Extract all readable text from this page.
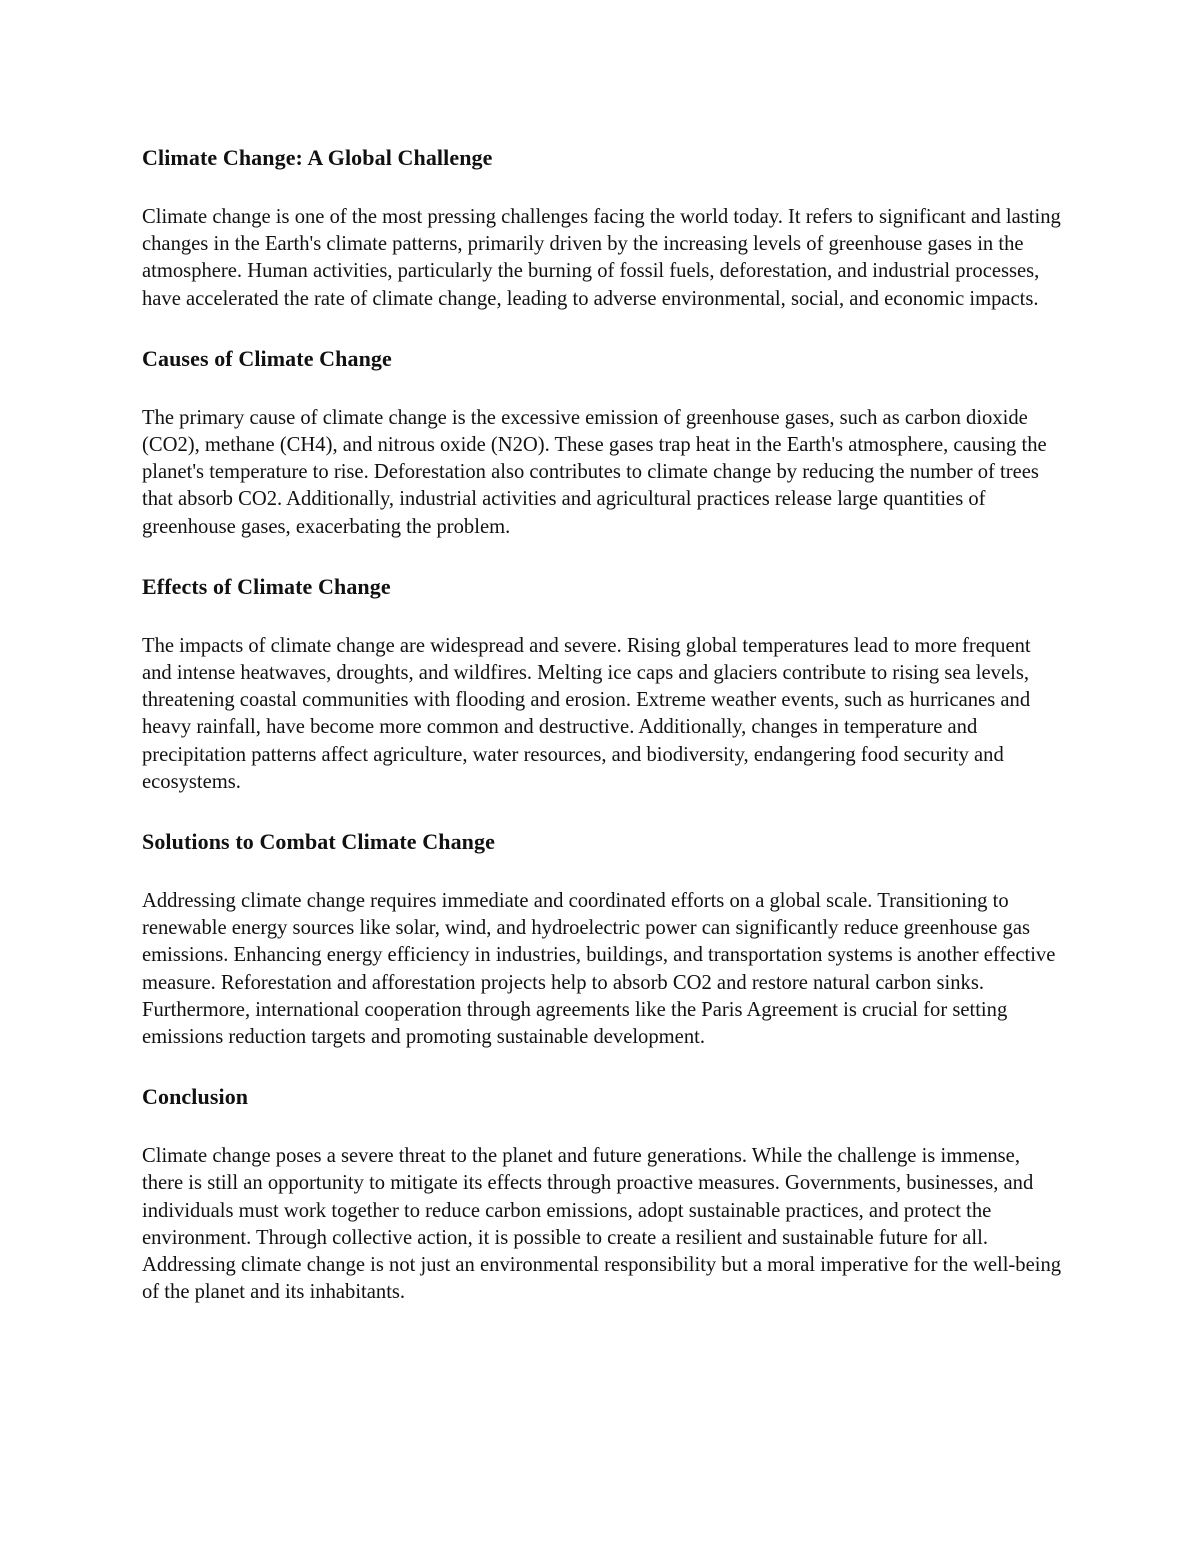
Climate Change: A Global Challenge

Climate change is one of the most pressing challenges facing the world today. It refers to significant and lasting changes in the Earth's climate patterns, primarily driven by the increasing levels of greenhouse gases in the atmosphere. Human activities, particularly the burning of fossil fuels, deforestation, and industrial processes, have accelerated the rate of climate change, leading to adverse environmental, social, and economic impacts.

Causes of Climate Change

The primary cause of climate change is the excessive emission of greenhouse gases, such as carbon dioxide (CO2), methane (CH4), and nitrous oxide (N2O). These gases trap heat in the Earth's atmosphere, causing the planet's temperature to rise. Deforestation also contributes to climate change by reducing the number of trees that absorb CO2. Additionally, industrial activities and agricultural practices release large quantities of greenhouse gases, exacerbating the problem.

Effects of Climate Change

The impacts of climate change are widespread and severe. Rising global temperatures lead to more frequent and intense heatwaves, droughts, and wildfires. Melting ice caps and glaciers contribute to rising sea levels, threatening coastal communities with flooding and erosion. Extreme weather events, such as hurricanes and heavy rainfall, have become more common and destructive. Additionally, changes in temperature and precipitation patterns affect agriculture, water resources, and biodiversity, endangering food security and ecosystems.

Solutions to Combat Climate Change

Addressing climate change requires immediate and coordinated efforts on a global scale. Transitioning to renewable energy sources like solar, wind, and hydroelectric power can significantly reduce greenhouse gas emissions. Enhancing energy efficiency in industries, buildings, and transportation systems is another effective measure. Reforestation and afforestation projects help to absorb CO2 and restore natural carbon sinks. Furthermore, international cooperation through agreements like the Paris Agreement is crucial for setting emissions reduction targets and promoting sustainable development.

Conclusion

Climate change poses a severe threat to the planet and future generations. While the challenge is immense, there is still an opportunity to mitigate its effects through proactive measures. Governments, businesses, and individuals must work together to reduce carbon emissions, adopt sustainable practices, and protect the environment. Through collective action, it is possible to create a resilient and sustainable future for all. Addressing climate change is not just an environmental responsibility but a moral imperative for the well-being of the planet and its inhabitants.
